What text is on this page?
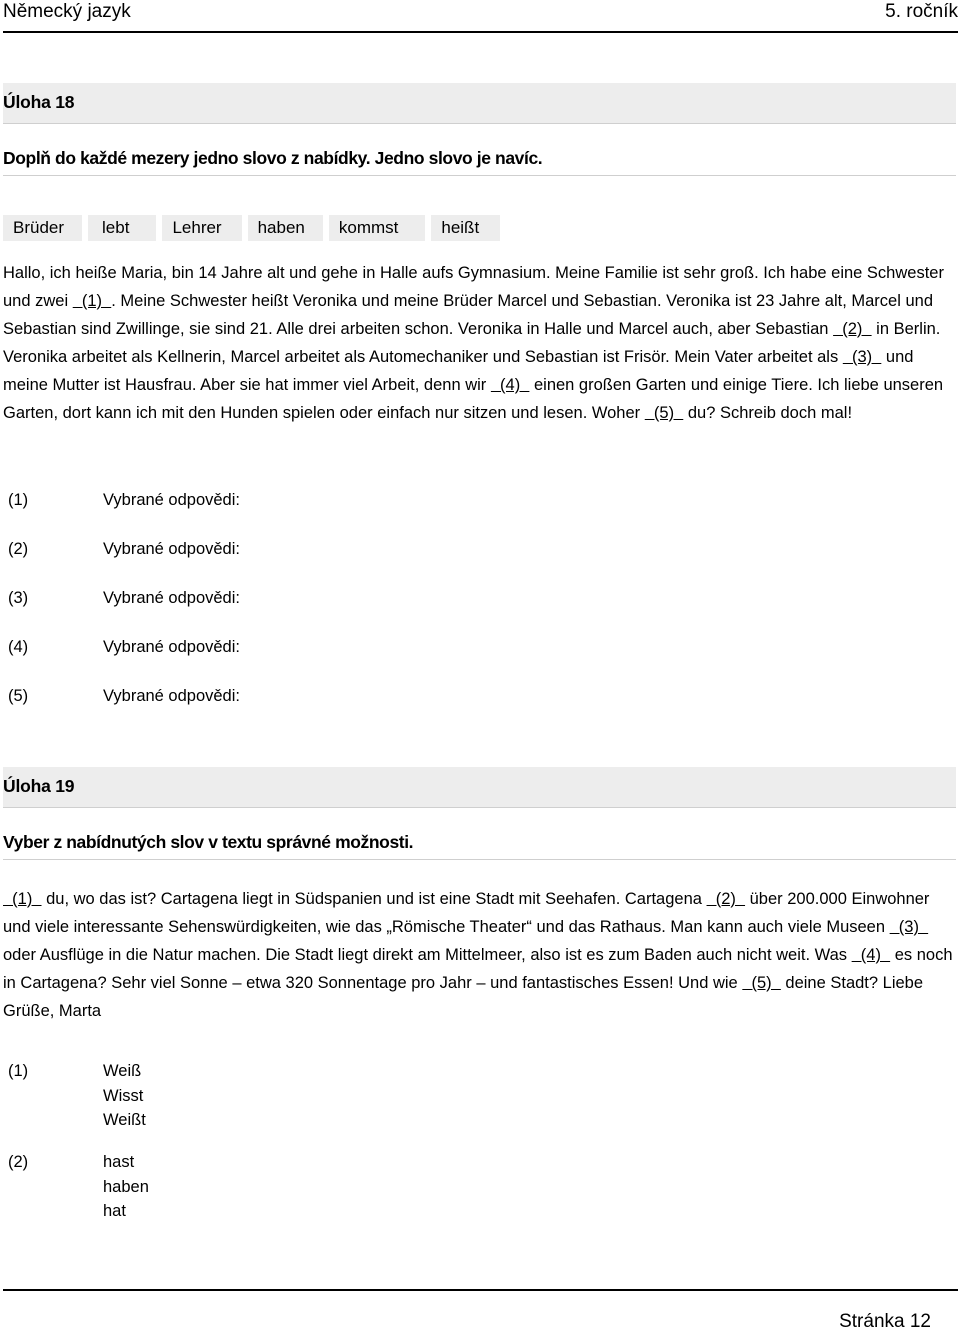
Německý jazyk	5. ročník
Úloha 18
Doplň do každé mezery jedno slovo z nabídky. Jedno slovo je navíc.
Brüder	lebt	Lehrer	haben	kommst	heißt

Hallo, ich heiße Maria, bin 14 Jahre alt und gehe in Halle aufs Gymnasium. Meine Familie ist sehr groß. Ich habe eine Schwester und zwei   (1)  . Meine Schwester heißt Veronika und meine Brüder Marcel und Sebastian. Veronika ist 23 Jahre alt, Marcel und Sebastian sind Zwillinge, sie sind 21. Alle drei arbeiten schon. Veronika in Halle und Marcel auch, aber Sebastian   (2)   in Berlin. Veronika arbeitet als Kellnerin, Marcel arbeitet als Automechaniker und Sebastian ist Frisör. Mein Vater arbeitet als   (3)   und meine Mutter ist Hausfrau. Aber sie hat immer viel Arbeit, denn wir   (4)   einen großen Garten und einige Tiere. Ich liebe unseren Garten, dort kann ich mit den Hunden spielen oder einfach nur sitzen und lesen. Woher   (5)   du? Schreib doch mal!

(1)	Vybrané odpovědi:
(2)	Vybrané odpovědi:
(3)	Vybrané odpovědi:
(4)	Vybrané odpovědi:
(5)	Vybrané odpovědi:
Úloha 19
Vyber z nabídnutých slov v textu správné možnosti.

(1)   du, wo das ist? Cartagena liegt in Südspanien und ist eine Stadt mit Seehafen. Cartagena   (2)   über 200.000 Einwohner und viele interessante Sehenswürdigkeiten, wie das „Römische Theater“ und das Rathaus. Man kann auch viele Museen   (3)   oder Ausflüge in die Natur machen. Die Stadt liegt direkt am Mittelmeer, also ist es zum Baden auch nicht weit. Was   (4)   es noch in Cartagena? Sehr viel Sonne – etwa 320 Sonnentage pro Jahr – und fantastisches Essen! Und wie   (5)   deine Stadt? Liebe Grüße, Marta

(1)	Weiß
Wisst
Weißt
(2)	hast
haben
hat
Stránka 12
